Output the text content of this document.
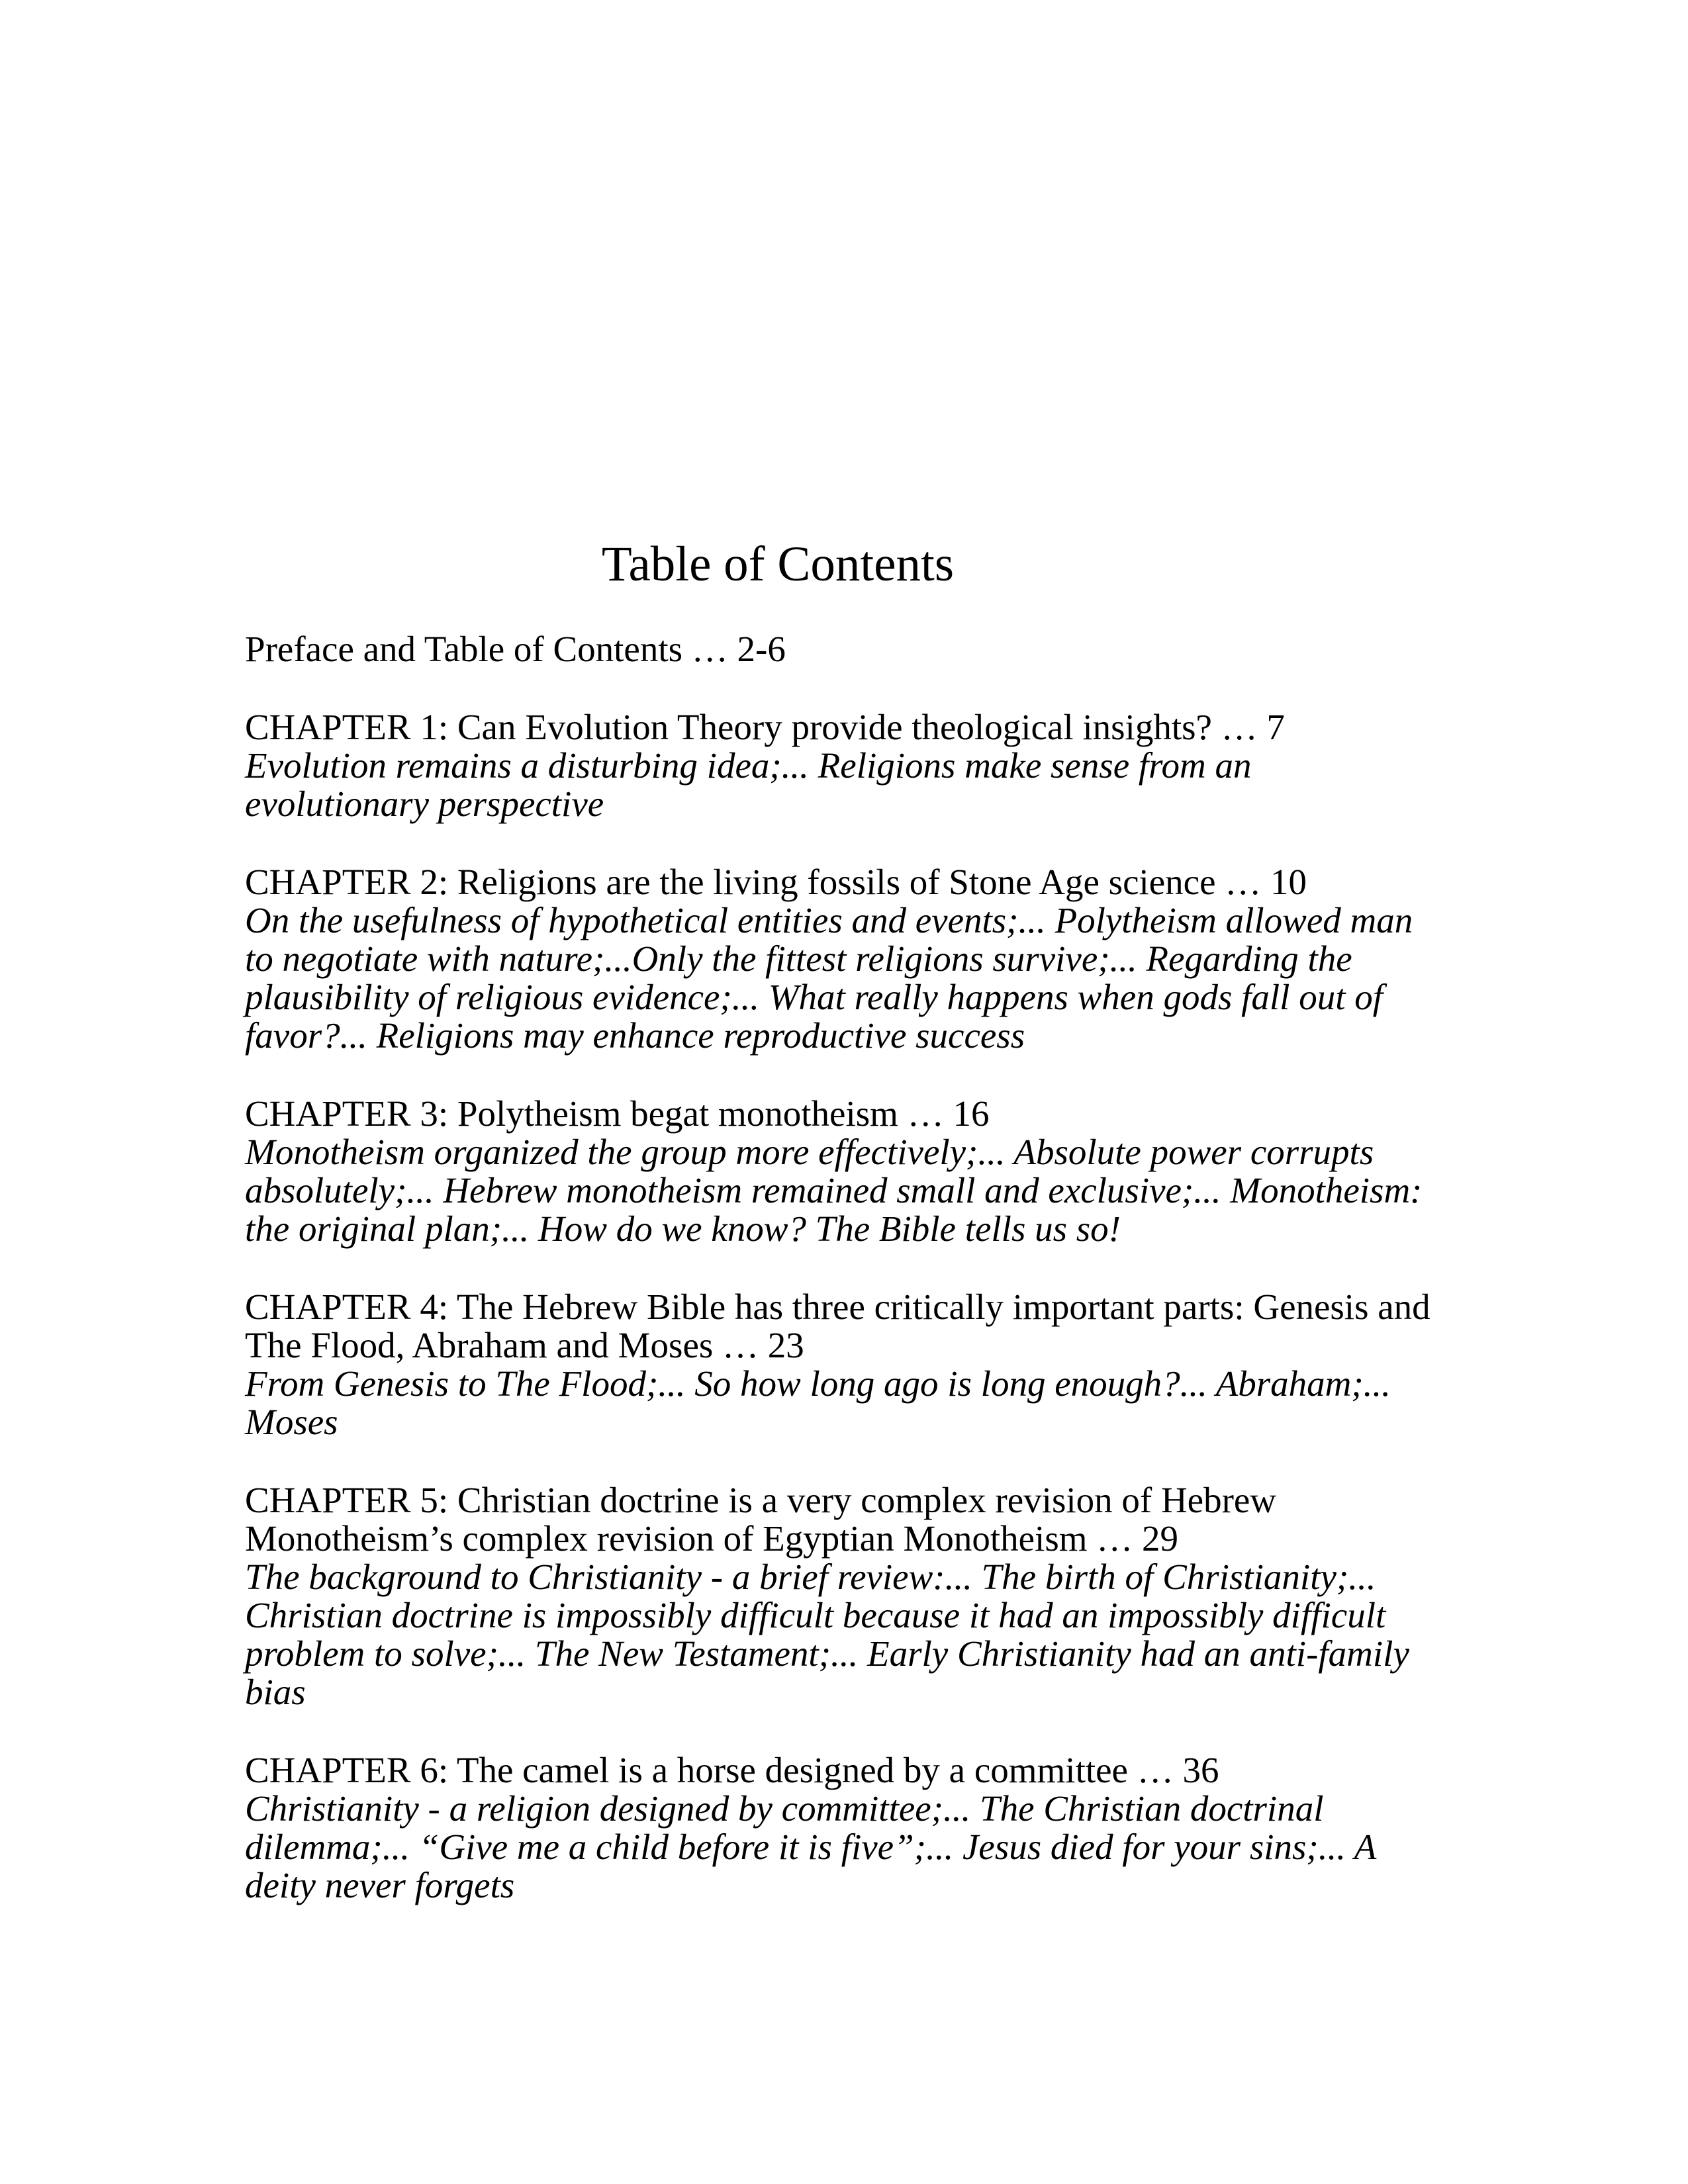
Table of Contents

Preface and Table of Contents … 2-6

CHAPTER 1: Can Evolution Theory provide theological insights? … 7

Evolution remains a disturbing idea;... Religions make sense from an evolutionary perspective

CHAPTER 2: Religions are the living fossils of Stone Age science … 10

On the usefulness of hypothetical entities and events;... Polytheism allowed man to negotiate with nature;...Only the fittest religions survive;... Regarding the plausibility of religious evidence;... What really happens when gods fall out of favor?... Religions may enhance reproductive success

CHAPTER 3: Polytheism begat monotheism … 16

Monotheism organized the group more effectively;... Absolute power corrupts absolutely;... Hebrew monotheism remained small and exclusive;... Monotheism: the original plan;... How do we know? The Bible tells us so!

CHAPTER 4: The Hebrew Bible has three critically important parts: Genesis and The Flood, Abraham and Moses … 23

From Genesis to The Flood;... So how long ago is long enough?... Abraham;... Moses

CHAPTER 5: Christian doctrine is a very complex revision of Hebrew Monotheism’s complex revision of Egyptian Monotheism … 29

The background to Christianity - a brief review:... The birth of Christianity;... Christian doctrine is impossibly difficult because it had an impossibly difficult problem to solve;... The New Testament;... Early Christianity had an anti-family bias

CHAPTER 6: The camel is a horse designed by a committee … 36

Christianity - a religion designed by committee;... The Christian doctrinal dilemma;... “Give me a child before it is five”;... Jesus died for your sins;... A deity never forgets
